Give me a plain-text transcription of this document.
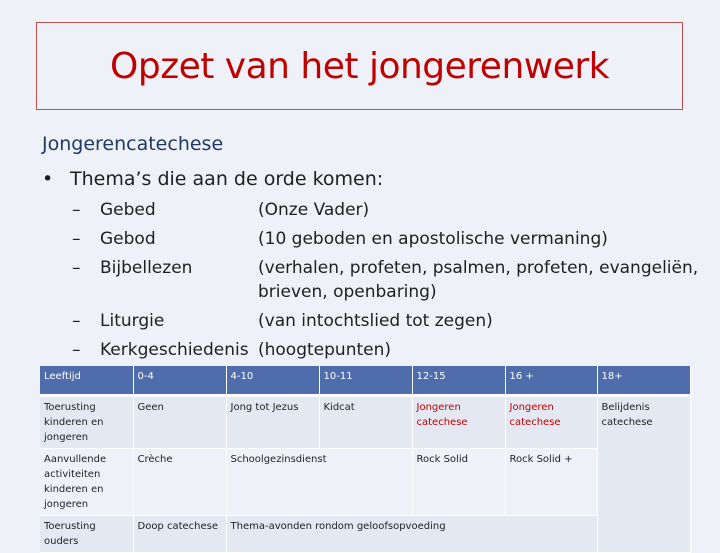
Opzet van het jongerenwerk

Jongerencatechese

• Thema’s die aan de orde komen:
– Gebed	(Onze Vader)
– Gebod	(10 geboden en apostolische vermaning)
– Bijbellezen	(verhalen, profeten, psalmen, profeten, evangeliën,
brieven, openbaring)
– Liturgie	(van intochtslied tot zegen)
– Kerkgeschiedenis (hoogtepunten)
Leeftijd	0-4	4-10	10-11	12-15	16 +	18+
Toerusting kinderen en jongeren	Geen	Jong tot Jezus	Kidcat	Jongeren catechese	Jongeren catechese	Belijdenis catechese
Aanvullende activiteiten kinderen en jongeren	Crèche	Schoolgezinsdienst		Rock Solid	Rock Solid +	
Toerusting ouders	Doop catechese	Thema-avonden rondom geloofsopvoeding				
